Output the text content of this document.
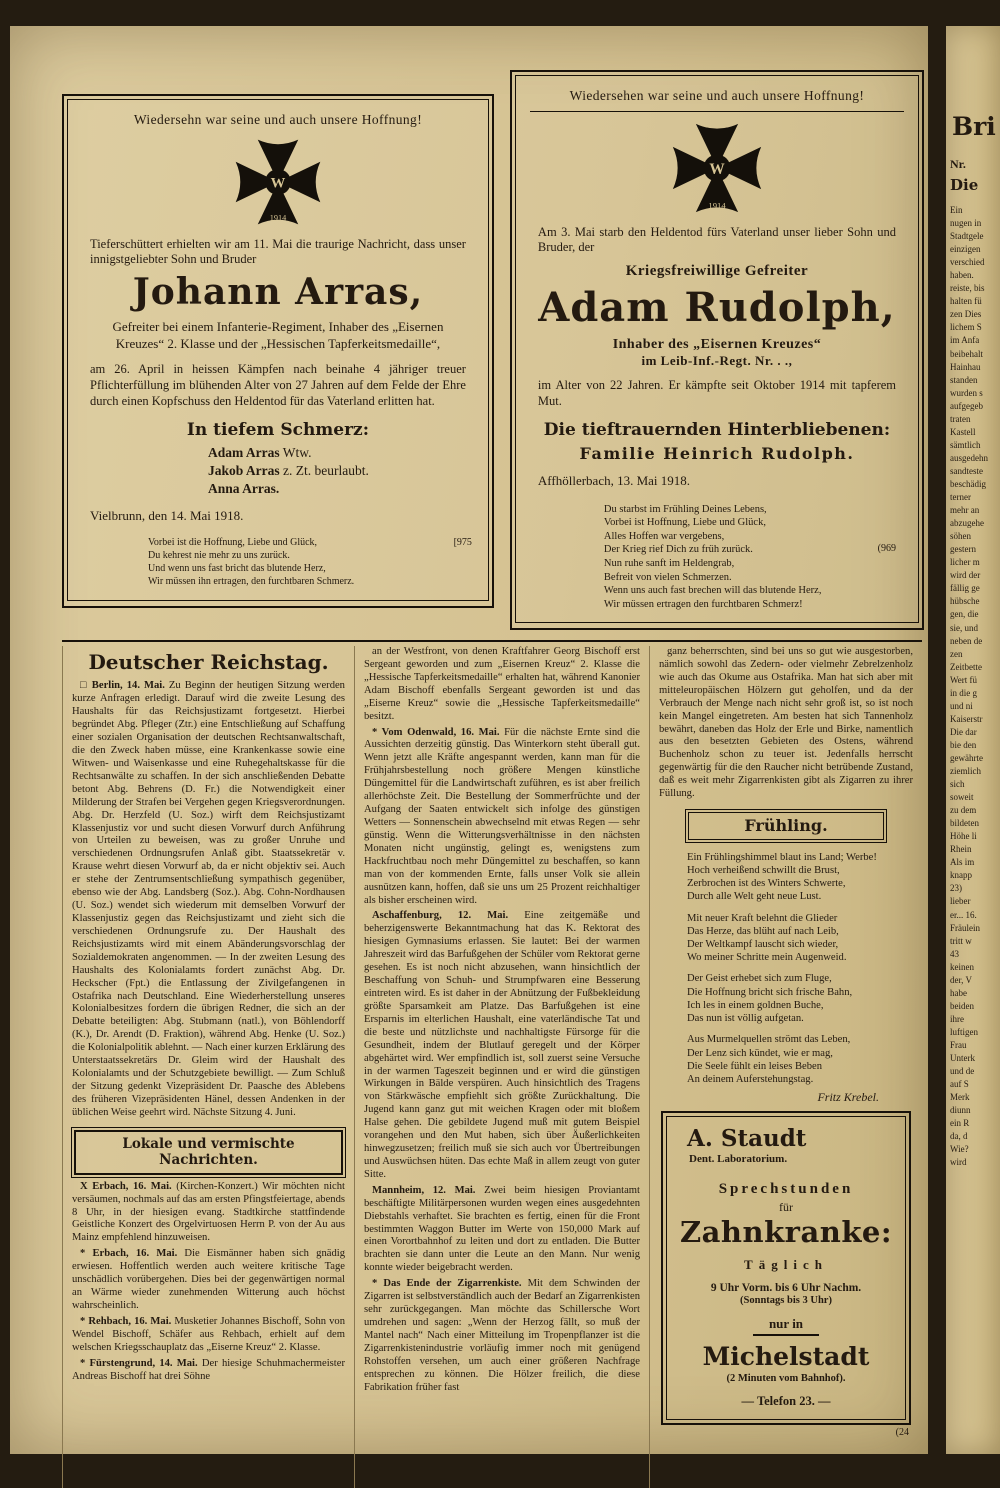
Wiedersehn war seine und auch unsere Hoffnung!
W
1914
Tieferschüttert erhielten wir am 11. Mai die traurige Nachricht, dass unser innigstgeliebter Sohn und Bruder
Johann Arras,
Gefreiter bei einem Infanterie-Regiment, Inhaber des „Eisernen Kreuzes“ 2. Klasse und der „Hessischen Tapferkeitsmedaille“,
am 26. April in heissen Kämpfen nach beinahe 4 jähriger treuer Pflichterfüllung im blühenden Alter von 27 Jahren auf dem Felde der Ehre durch einen Kopfschuss den Heldentod für das Vaterland erlitten hat.
In tiefem Schmerz:
Adam Arras Wtw.
Jakob Arras z. Zt. beurlaubt.
Anna Arras.
Vielbrunn, den 14. Mai 1918.
[975
Vorbei ist die Hoffnung, Liebe und Glück,
Du kehrest nie mehr zu uns zurück.
Und wenn uns fast bricht das blutende Herz,
Wir müssen ihn ertragen, den furchtbaren Schmerz.
Wiedersehen war seine und auch unsere Hoffnung!
W
1914
Am 3. Mai starb den Heldentod fürs Vaterland unser lieber Sohn und Bruder, der
Kriegsfreiwillige Gefreiter
Adam Rudolph,
Inhaber des „Eisernen Kreuzes“
im Leib-Inf.-Regt. Nr. . .,
im Alter von 22 Jahren. Er kämpfte seit Oktober 1914 mit tapferem Mut.
Die tieftrauernden Hinterbliebenen:
Familie Heinrich Rudolph.
Affhöllerbach, 13. Mai 1918.
(969
Du starbst im Frühling Deines Lebens,
Vorbei ist Hoffnung, Liebe und Glück,
Alles Hoffen war vergebens,
Der Krieg rief Dich zu früh zurück.
Nun ruhe sanft im Heldengrab,
Befreit von vielen Schmerzen.
Wenn uns auch fast brechen will das blutende Herz,
Wir müssen ertragen den furchtbaren Schmerz!
Deutscher Reichstag.

□ Berlin, 14. Mai. Zu Beginn der heutigen Sitzung werden kurze Anfragen erledigt. Darauf wird die zweite Lesung des Haushalts für das Reichsjustizamt fortgesetzt. Hierbei begründet Abg. Pfleger (Ztr.) eine Entschließung auf Schaffung einer sozialen Organisation der deutschen Rechtsanwaltschaft, die den Zweck haben müsse, eine Krankenkasse sowie eine Witwen- und Waisenkasse und eine Ruhegehaltskasse für die Rechtsanwälte zu schaffen. In der sich anschließenden Debatte betont Abg. Behrens (D. Fr.) die Notwendigkeit einer Milderung der Strafen bei Vergehen gegen Kriegsverordnungen. Abg. Dr. Herzfeld (U. Soz.) wirft dem Reichsjustizamt Klassenjustiz vor und sucht diesen Vorwurf durch Anführung von Urteilen zu beweisen, was zu großer Unruhe und verschiedenen Ordnungsrufen Anlaß gibt. Staatssekretär v. Krause wehrt diesen Vorwurf ab, da er nicht objektiv sei. Auch er stehe der Zentrumsentschließung sympathisch gegenüber, ebenso wie der Abg. Landsberg (Soz.). Abg. Cohn-Nordhausen (U. Soz.) wendet sich wiederum mit demselben Vorwurf der Klassenjustiz gegen das Reichsjustizamt und zieht sich die verschiedenen Ordnungsrufe zu. Der Haushalt des Reichsjustizamts wird mit einem Abänderungsvorschlag der Sozialdemokraten angenommen. — In der zweiten Lesung des Haushalts des Kolonialamts fordert zunächst Abg. Dr. Heckscher (Fpt.) die Entlassung der Zivilgefangenen in Ostafrika nach Deutschland. Eine Wiederherstellung unseres Kolonialbesitzes fordern die übrigen Redner, die sich an der Debatte beteiligten: Abg. Stubmann (natl.), von Böhlendorff (K.), Dr. Arendt (D. Fraktion), während Abg. Henke (U. Soz.) die Kolonialpolitik ablehnt. — Nach einer kurzen Erklärung des Unterstaatssekretärs Dr. Gleim wird der Haushalt des Kolonialamts und der Schutzgebiete bewilligt. — Zum Schluß der Sitzung gedenkt Vizepräsident Dr. Paasche des Ablebens des früheren Vizepräsidenten Hänel, dessen Andenken in der üblichen Weise geehrt wird. Nächste Sitzung 4. Juni.

Lokale und vermischte Nachrichten.

X Erbach, 16. Mai. (Kirchen-Konzert.) Wir möchten nicht versäumen, nochmals auf das am ersten Pfingstfeiertage, abends 8 Uhr, in der hiesigen evang. Stadtkirche stattfindende Geistliche Konzert des Orgelvirtuosen Herrn P. von der Au aus Mainz empfehlend hinzuweisen.

* Erbach, 16. Mai. Die Eismänner haben sich gnädig erwiesen. Hoffentlich werden auch weitere kritische Tage unschädlich vorübergehen. Dies bei der gegenwärtigen normal an Wärme wieder zunehmenden Witterung auch höchst wahrscheinlich.

* Rehbach, 16. Mai. Musketier Johannes Bischoff, Sohn von Wendel Bischoff, Schäfer aus Rehbach, erhielt auf dem welschen Kriegsschauplatz das „Eiserne Kreuz“ 2. Klasse.

* Fürstengrund, 14. Mai. Der hiesige Schuhmachermeister Andreas Bischoff hat drei Söhne

an der Westfront, von denen Kraftfahrer Georg Bischoff erst Sergeant geworden und zum „Eisernen Kreuz“ 2. Klasse die „Hessische Tapferkeitsmedaille“ erhalten hat, während Kanonier Adam Bischoff ebenfalls Sergeant geworden ist und das „Eiserne Kreuz“ sowie die „Hessische Tapferkeitsmedaille“ besitzt.

* Vom Odenwald, 16. Mai. Für die nächste Ernte sind die Aussichten derzeitig günstig. Das Winterkorn steht überall gut. Wenn jetzt alle Kräfte angespannt werden, kann man für die Frühjahrsbestellung noch größere Mengen künstliche Düngemittel für die Landwirtschaft zuführen, es ist aber freilich allerhöchste Zeit. Die Bestellung der Sommerfrüchte und der Aufgang der Saaten entwickelt sich infolge des günstigen Wetters — Sonnenschein abwechselnd mit etwas Regen — sehr günstig. Wenn die Witterungsverhältnisse in den nächsten Monaten nicht ungünstig, gelingt es, wenigstens zum Hackfruchtbau noch mehr Düngemittel zu beschaffen, so kann man von der kommenden Ernte, falls unser Volk sie allein ausnützen kann, hoffen, daß sie uns um 25 Prozent reichhaltiger als bisher erscheinen wird.

Aschaffenburg, 12. Mai. Eine zeitgemäße und beherzigenswerte Bekanntmachung hat das K. Rektorat des hiesigen Gymnasiums erlassen. Sie lautet: Bei der warmen Jahreszeit wird das Barfußgehen der Schüler vom Rektorat gerne gesehen. Es ist noch nicht abzusehen, wann hinsichtlich der Beschaffung von Schuh- und Strumpfwaren eine Besserung eintreten wird. Es ist daher in der Abnützung der Fußbekleidung größte Sparsamkeit am Platze. Das Barfußgehen ist eine Ersparnis im elterlichen Haushalt, eine vaterländische Tat und die beste und nützlichste und nachhaltigste Fürsorge für die Gesundheit, indem der Blutlauf geregelt und der Körper abgehärtet wird. Wer empfindlich ist, soll zuerst seine Versuche in der warmen Tageszeit beginnen und er wird die günstigen Wirkungen in Bälde verspüren. Auch hinsichtlich des Tragens von Stärkwäsche empfiehlt sich größte Zurückhaltung. Die Jugend kann ganz gut mit weichen Kragen oder mit bloßem Halse gehen. Die gebildete Jugend muß mit gutem Beispiel vorangehen und den Mut haben, sich über Äußerlichkeiten hinwegzusetzen; freilich muß sie sich auch vor Übertreibungen und Auswüchsen hüten. Das echte Maß in allem zeugt von guter Sitte.

Mannheim, 12. Mai. Zwei beim hiesigen Proviantamt beschäftigte Militärpersonen wurden wegen eines ausgedehnten Diebstahls verhaftet. Sie brachten es fertig, einen für die Front bestimmten Waggon Butter im Werte von 150,000 Mark auf einen Vorortbahnhof zu leiten und dort zu entladen. Die Butter brachten sie dann unter die Leute an den Mann. Nur wenig konnte wieder beigebracht werden.

* Das Ende der Zigarrenkiste. Mit dem Schwinden der Zigarren ist selbstverständlich auch der Bedarf an Zigarrenkisten sehr zurückgegangen. Man möchte das Schillersche Wort umdrehen und sagen: „Wenn der Herzog fällt, so muß der Mantel nach“ Nach einer Mitteilung im Tropenpflanzer ist die Zigarrenkistenindustrie vorläufig immer noch mit genügend Rohstoffen versehen, um auch einer größeren Nachfrage entsprechen zu können. Die Hölzer freilich, die diese Fabrikation früher fast

ganz beherrschten, sind bei uns so gut wie ausgestorben, nämlich sowohl das Zedern- oder vielmehr Zebrelzenholz wie auch das Okume aus Ostafrika. Man hat sich aber mit mitteleuropäischen Hölzern gut geholfen, und da der Verbrauch der Menge nach nicht sehr groß ist, so ist noch kein Mangel eingetreten. Am besten hat sich Tannenholz bewährt, daneben das Holz der Erle und Birke, namentlich aus den besetzten Gebieten des Ostens, während Buchenholz schon zu teuer ist. Jedenfalls herrscht gegenwärtig für die den Raucher nicht betrübende Zustand, daß es weit mehr Zigarrenkisten gibt als Zigarren zu ihrer Füllung.

Frühling.
Ein Frühlingshimmel blaut ins Land; Werbe!
Hoch verheißend schwillt die Brust,
Zerbrochen ist des Winters Schwerte,
Durch alle Welt geht neue Lust.
Mit neuer Kraft belehnt die Glieder
Das Herze, das blüht auf nach Leib,
Der Weltkampf lauscht sich wieder,
Wo meiner Schritte mein Augenweid.
Der Geist erhebet sich zum Fluge,
Die Hoffnung bricht sich frische Bahn,
Ich les in einem goldnen Buche,
Das nun ist völlig aufgetan.
Aus Murmelquellen strömt das Leben,
Der Lenz sich kündet, wie er mag,
Die Seele fühlt ein leises Beben
An deinem Auferstehungstag.
Fritz Krebel.
A. Staudt
Dent. Laboratorium.
Sprechstunden
für
Zahnkranke:
Täglich
9 Uhr Vorm. bis 6 Uhr Nachm.
(Sonntags bis 3 Uhr)
nur in
Michelstadt
(2 Minuten vom Bahnhof).
— Telefon 23. —
(24
Bri
Nr.
Die
Ein
nugen in
Stadtgele
einzigen
verschied
haben.
reiste, bis
halten fü
zen Dies
lichem S
im Anfa
beibehalt
Hainhau
standen
wurden s
aufgegeb
traten
Kastell
sämtlich
ausgedehn
sandteste
beschädig
terner
mehr an
abzugehe
söhen
gestern
licher m
wird der
fällig ge
hübsche
gen, die
sie, und
neben de
zen
Zeitbette
Wert fü
in die g
und ni
Kaiserstr
Die dar
bie den
gewährte
ziemlich
sich
soweit
zu dem
bildeten
Höhe li
Rhein
Als im
knapp
23)
lieber
er... 16.
Fräulein
tritt w
43
keinen
der, V
habe
beiden
ihre
luftigen
Frau
Unterk
und de
auf S
Merk
diunn
ein R
da, d
Wie?
wird
